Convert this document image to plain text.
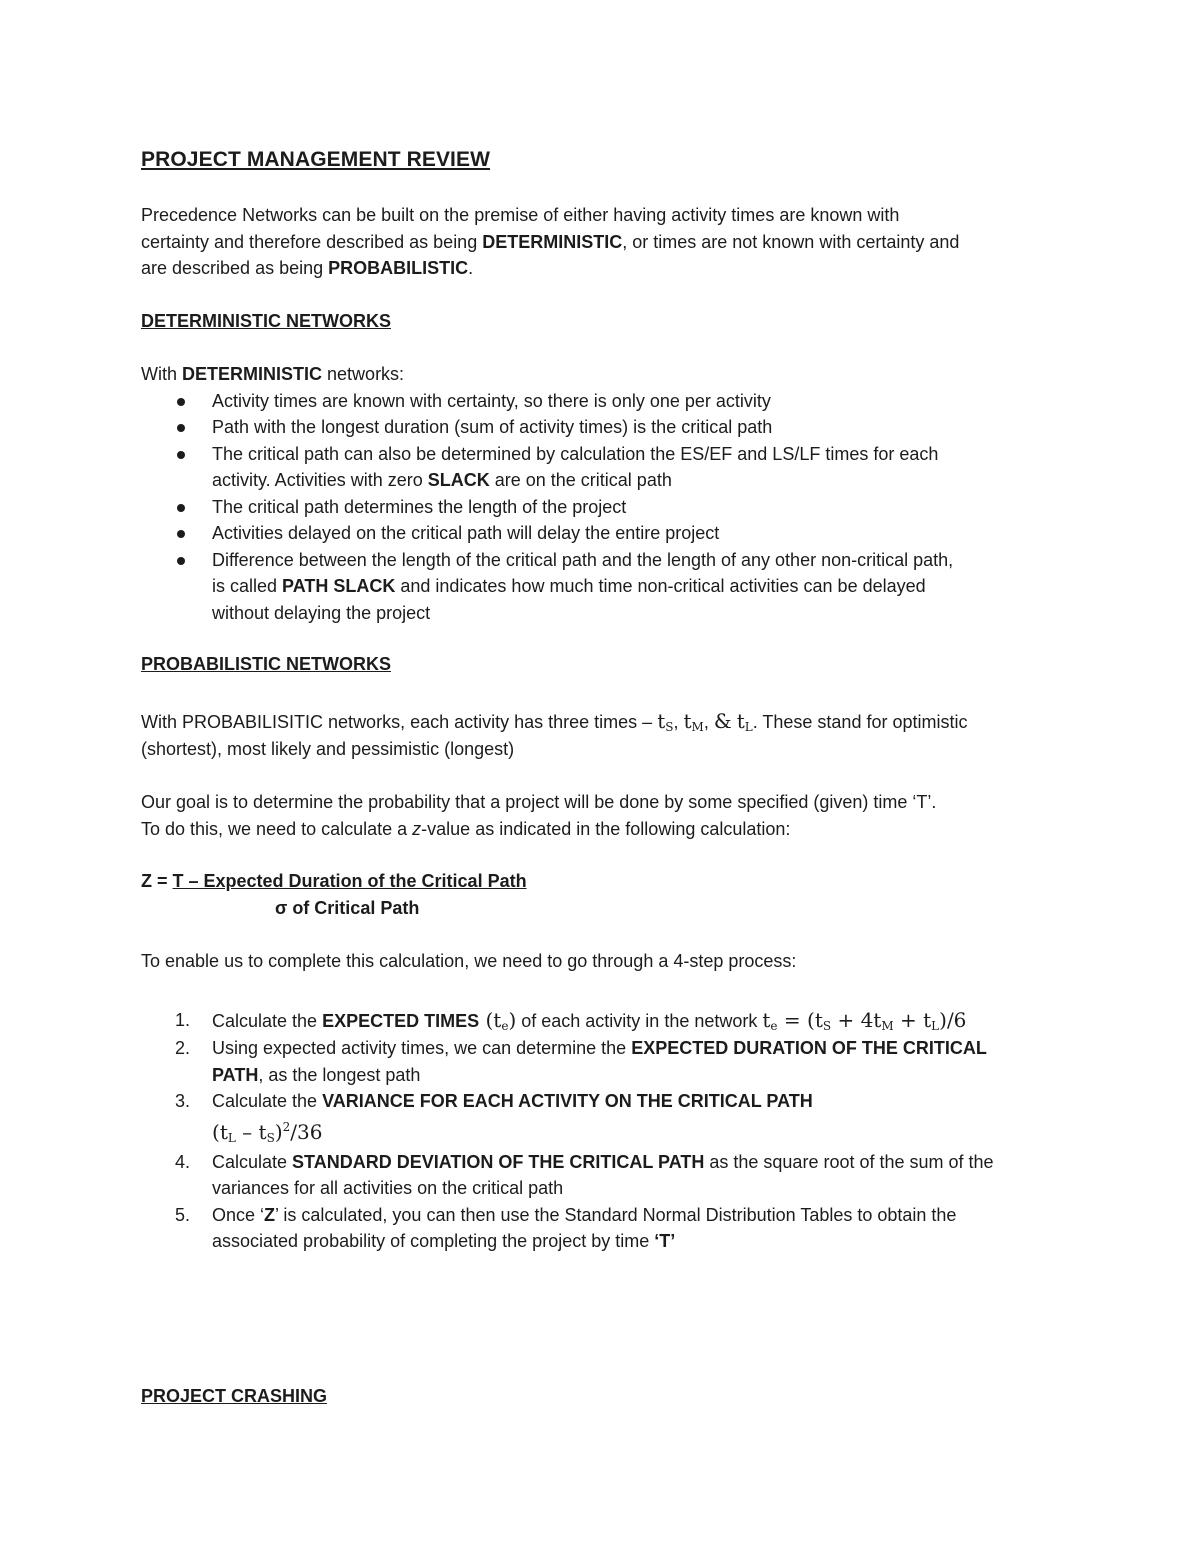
PROJECT MANAGEMENT REVIEW

Precedence Networks can be built on the premise of either having activity times are known with

certainty and therefore described as being DETERMINISTIC, or times are not known with certainty and

are described as being PROBABILISTIC.

DETERMINISTIC NETWORKS

With DETERMINISTIC networks:

Activity times are known with certainty, so there is only one per activity
Path with the longest duration (sum of activity times) is the critical path
The critical path can also be determined by calculation the ES/EF and LS/LF times for each
activity. Activities with zero SLACK are on the critical path
The critical path determines the length of the project
Activities delayed on the critical path will delay the entire project
Difference between the length of the critical path and the length of any other non-critical path,
is called PATH SLACK and indicates how much time non-critical activities can be delayed
without delaying the project

PROBABILISTIC NETWORKS

With PROBABILISITIC networks, each activity has three times – $t_S$, $t_M$, & $t_L$. These stand for optimistic

(shortest), most likely and pessimistic (longest)

Our goal is to determine the probability that a project will be done by some specified (given) time ‘T’.

To do this, we need to calculate a z-value as indicated in the following calculation:

Z = T – Expected Duration of the Critical Path

σ of Critical Path

To enable us to complete this calculation, we need to go through a 4-step process:

1. Calculate the EXPECTED TIMES $(t_e)$ of each activity in the network $t_e = (t_S + 4t_M + t_L)/6$
2. Using expected activity times, we can determine the EXPECTED DURATION OF THE CRITICAL
PATH, as the longest path
3. Calculate the VARIANCE FOR EACH ACTIVITY ON THE CRITICAL PATH
$(t_L - t_S)^2/36$
4. Calculate STANDARD DEVIATION OF THE CRITICAL PATH as the square root of the sum of the
variances for all activities on the critical path
5. Once ‘Z’ is calculated, you can then use the Standard Normal Distribution Tables to obtain the
associated probability of completing the project by time ‘T’

PROJECT CRASHING
